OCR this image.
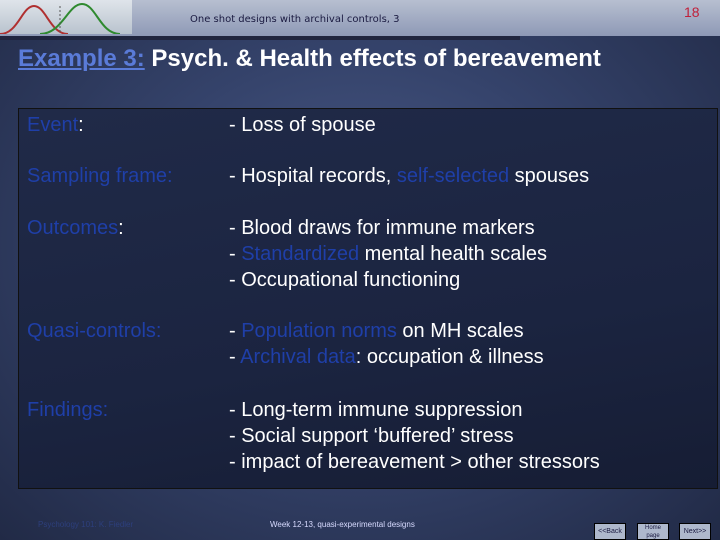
One shot designs with archival controls, 3	18
Example 3: Psych. & Health effects of bereavement
Event:	- Loss of spouse
Sampling frame:	- Hospital records, self-selected spouses
Outcomes:	- Blood draws for immune markers
- Standardized mental health scales
- Occupational functioning
Quasi-controls:	- Population norms on MH scales
- Archival data: occupation & illness
Findings:	- Long-term immune suppression
- Social support ‘buffered’ stress
- impact of bereavement > other stressors
Psychology 101: K. Fiedler	Week 12-13, quasi-experimental designs
<<Back	Home page
Next>>
